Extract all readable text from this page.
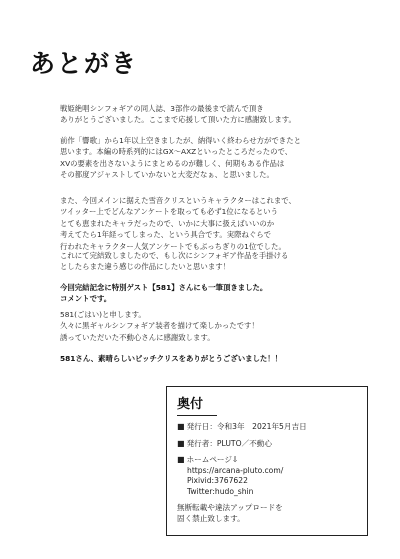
あとがき
戦姫絶唱シンフォギアの同人誌、3部作の最後まで読んで頂き
ありがとうございました。ここまで応援して頂いた方に感謝致します。
前作「響歌」から1年以上空きましたが、納得いく終わらせ方ができたと
思います。本編の時系列的にはGX〜AXZといったところだったので、
XVの要素を出さないようにまとめるのが難しく、何期もある作品は
その都度アジャストしていかないと大変だなぁ、と思いました。
また、今回メインに据えた雪音クリスというキャラクターはこれまで、
ツイッター上でどんなアンケートを取っても必ず1位になるという
とても恵まれたキャラだったので、いかに大事に扱えばいいのか
考えてたら1年経ってしまった、という具合です。実際ねぐらで
行われたキャラクター人気アンケートでもぶっちぎりの1位でした。
これにて完結致しましたので、もし次にシンフォギア作品を手掛ける
としたらまた違う感じの作品にしたいと思います！
今回完結記念に特別ゲスト【581】さんにも一筆頂きました。
コメントです。
581(ごはい)と申します。
久々に黒ギャルシンフォギア装者を描けて楽しかったです！
誘っていただいた不動心さんに感謝致します。
581さん、素晴らしいビッチクリスをありがとうございました！！
奥付
■ 発行日：令和3年　2021年5月吉日
■ 発行者：PLUTO／不動心
■ ホームページ⇩
https://arcana-pluto.com/
Pixivid:3767622
Twitter:hudo_shin
無断転載や違法アップロードを
固く禁止致します。
